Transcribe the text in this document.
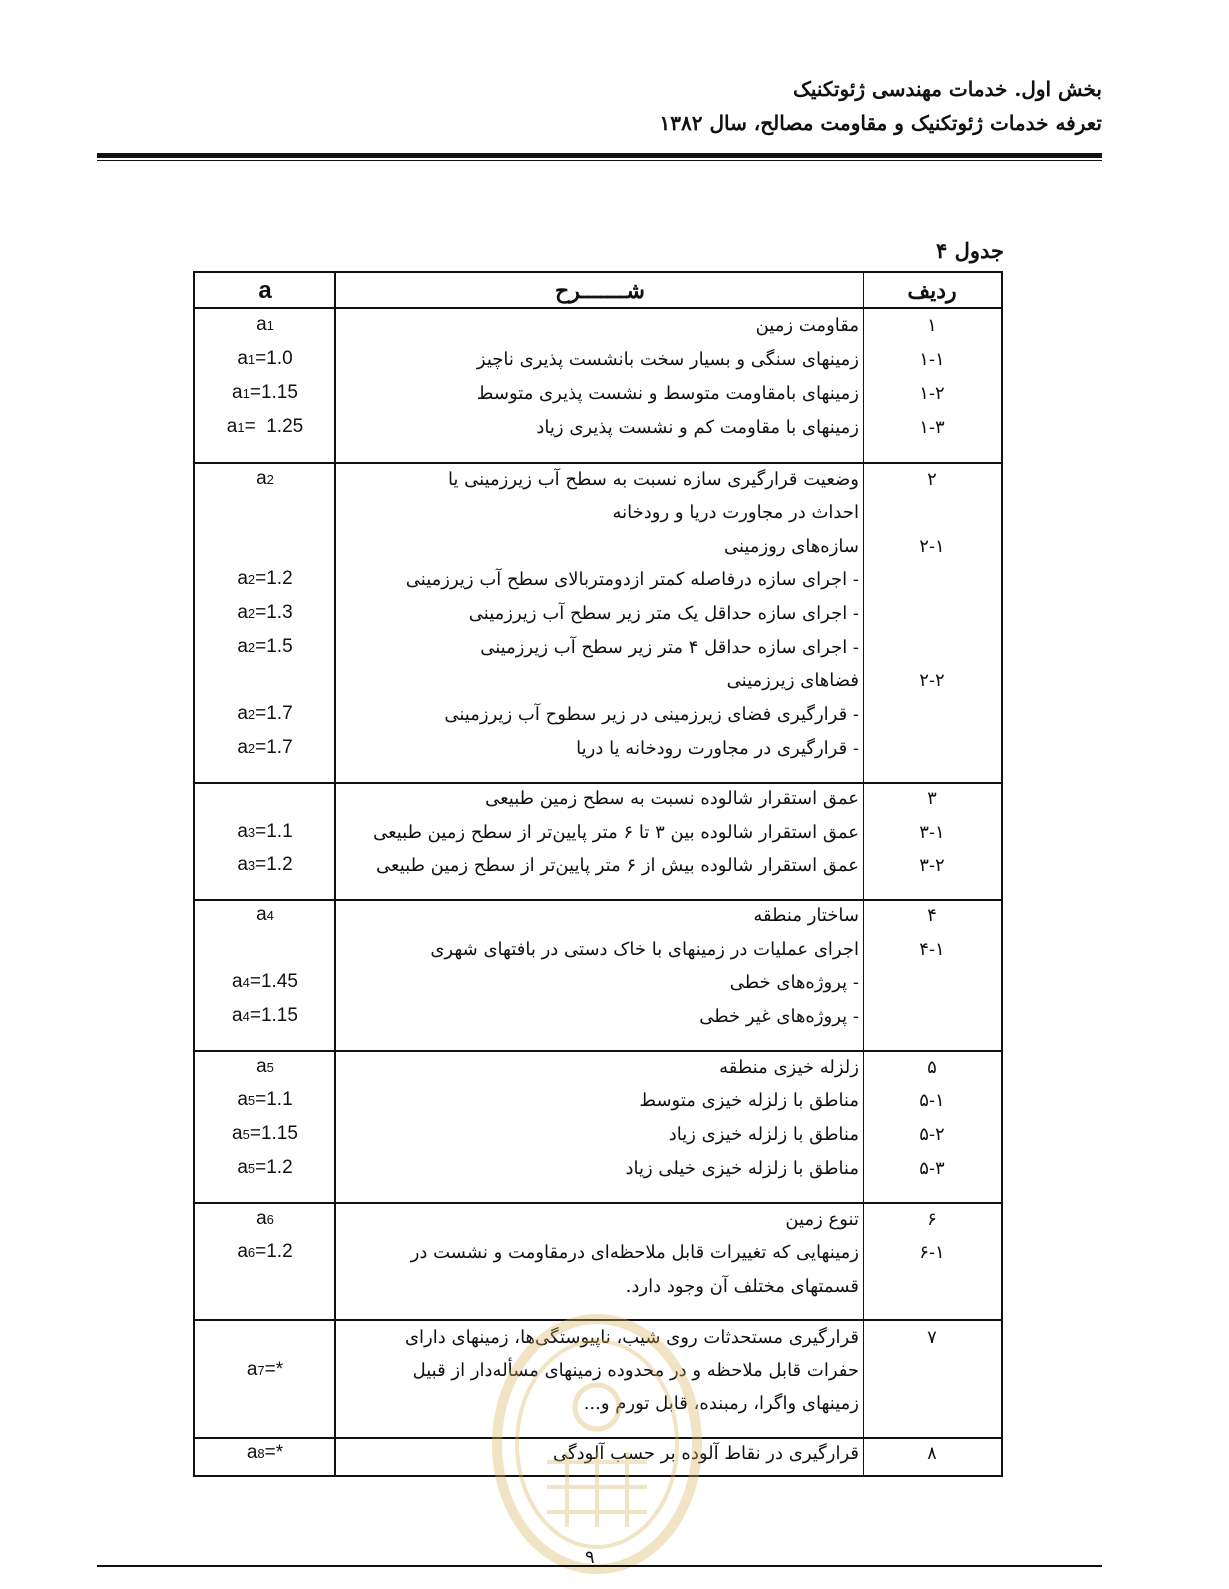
بخش اول. خدمات مهندسی ژئوتکنیک
تعرفه خدمات ژئوتکنیک و مقاومت مصالح، سال ۱۳۸۲
جدول ۴
a	شـــــــرح	ردیف
۱
مقاومت زمین
a 1
۱-۱
زمینهای سنگی و بسیار سخت بانشست پذیری ناچیز
a 1 =1.0
۱-۲
زمینهای بامقاومت متوسط و نشست پذیری متوسط
a 1 =1.15
۱-۳
زمینهای با مقاومت کم و نشست پذیری زیاد
a 1 =  1.25
۲
وضعیت قرارگیری سازه نسبت به سطح آب زیرزمینی یا
a 2
احداث در مجاورت دریا و رودخانه
۲-۱
سازه‌های روزمینی
- اجرای سازه درفاصله کمتر ازدومتربالای سطح آب زیرزمینی
a 2 =1.2
- اجرای سازه حداقل یک متر زیر سطح آب زیرزمینی
a 2 =1.3
- اجرای سازه حداقل ۴ متر زیر سطح آب زیرزمینی
a 2 =1.5
۲-۲
فضاهای زیرزمینی
- قرارگیری فضای زیرزمینی در زیر سطوح آب زیرزمینی
a 2 =1.7
- قرارگیری در مجاورت رودخانه یا دریا
a 2 =1.7
۳
عمق استقرار شالوده نسبت به سطح زمین طبیعی
۳-۱
عمق استقرار شالوده بین ۳ تا ۶ متر پایین‌تر از سطح زمین طبیعی
a 3 =1.1
۳-۲
عمق استقرار شالوده بیش از ۶ متر پایین‌تر از سطح زمین طبیعی
a 3 =1.2
۴
ساختار منطقه
a 4
۴-۱
اجرای عملیات در زمینهای با خاک دستی در بافتهای شهری
- پروژه‌های خطی
a 4 =1.45
- پروژه‌های غیر خطی
a 4 =1.15
۵
زلزله خیزی منطقه
a 5
۵-۱
مناطق با زلزله خیزی متوسط
a 5 =1.1
۵-۲
مناطق با زلزله خیزی زیاد
a 5 =1.15
۵-۳
مناطق با زلزله خیزی خیلی زیاد
a 5 =1.2
۶
تنوع زمین
a 6
۶-۱
زمینهایی که تغییرات قابل ملاحظه‌ای درمقاومت و نشست در
a 6 =1.2
قسمتهای مختلف آن وجود دارد.
۷
قرارگیری مستحدثات روی شیب، ناپیوستگی‌ها، زمینهای دارای
حفرات قابل ملاحظه و در محدوده زمینهای مسأله‌دار از قبیل
a 7 =*
زمینهای واگرا، رمبنده، قابل تورم و...
۸
قرارگیری در نقاط آلوده بر حسب آلودگی
a 8 =*
۹
